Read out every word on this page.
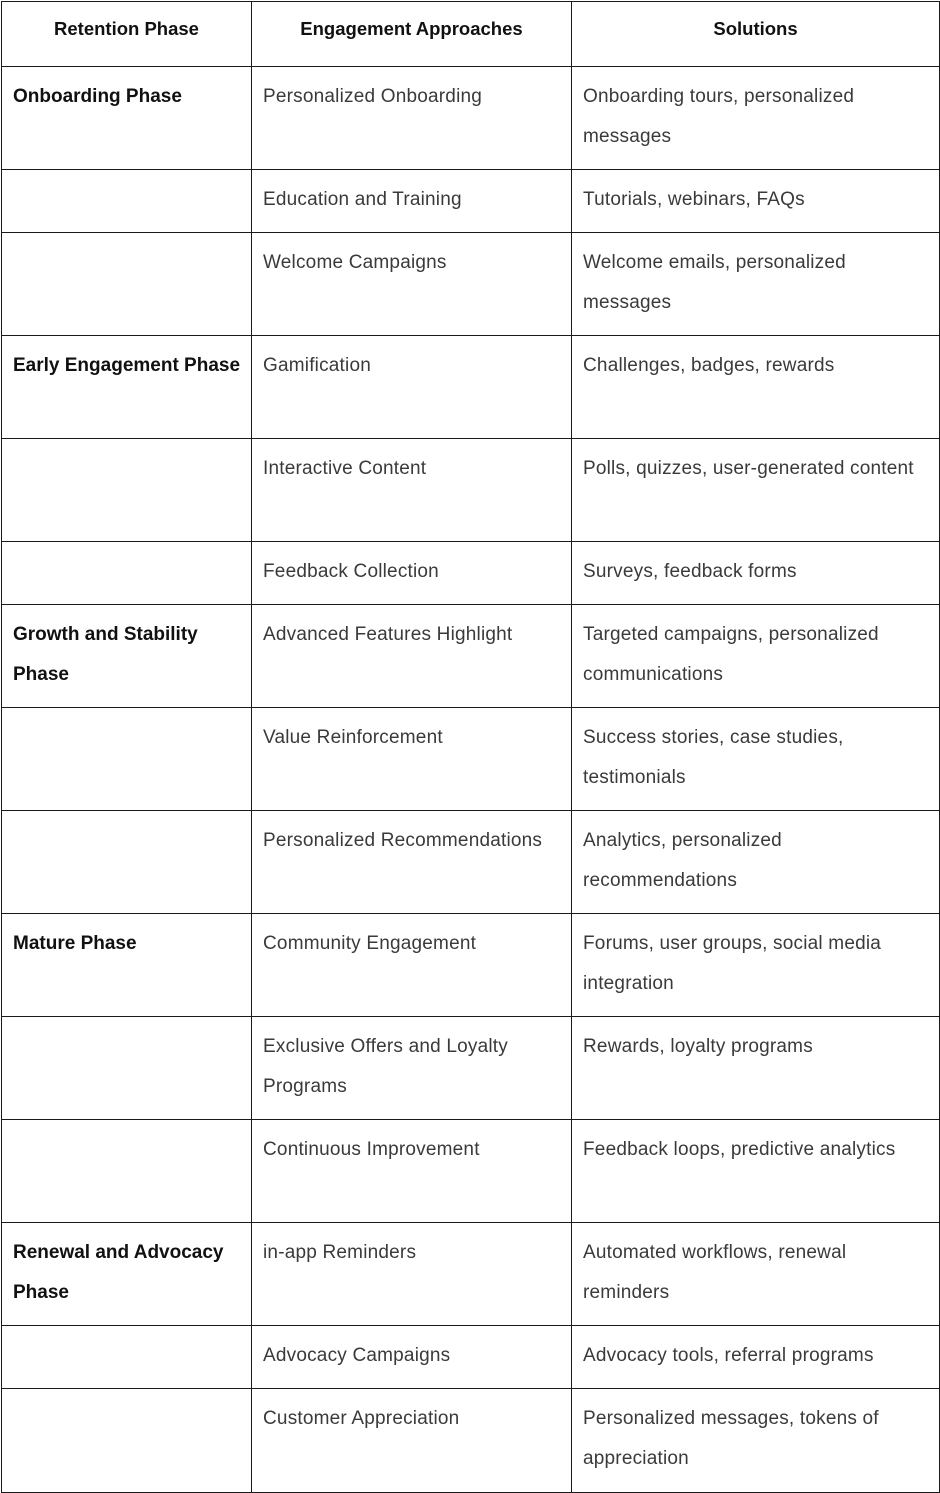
Retention Phase	Engagement Approaches	Solutions
Onboarding Phase	Personalized Onboarding	Onboarding tours, personalized messages
	Education and Training	Tutorials, webinars, FAQs
	Welcome Campaigns	Welcome emails, personalized messages
Early Engagement Phase	Gamification	Challenges, badges, rewards
	Interactive Content	Polls, quizzes, user-generated content
	Feedback Collection	Surveys, feedback forms
Growth and Stability Phase	Advanced Features Highlight	Targeted campaigns, personalized communications
	Value Reinforcement	Success stories, case studies, testimonials
	Personalized Recommendations	Analytics, personalized recommendations
Mature Phase	Community Engagement	Forums, user groups, social media integration
	Exclusive Offers and Loyalty Programs	Rewards, loyalty programs
	Continuous Improvement	Feedback loops, predictive analytics
Renewal and Advocacy Phase	in-app Reminders	Automated workflows, renewal reminders
	Advocacy Campaigns	Advocacy tools, referral programs
	Customer Appreciation	Personalized messages, tokens of appreciation
